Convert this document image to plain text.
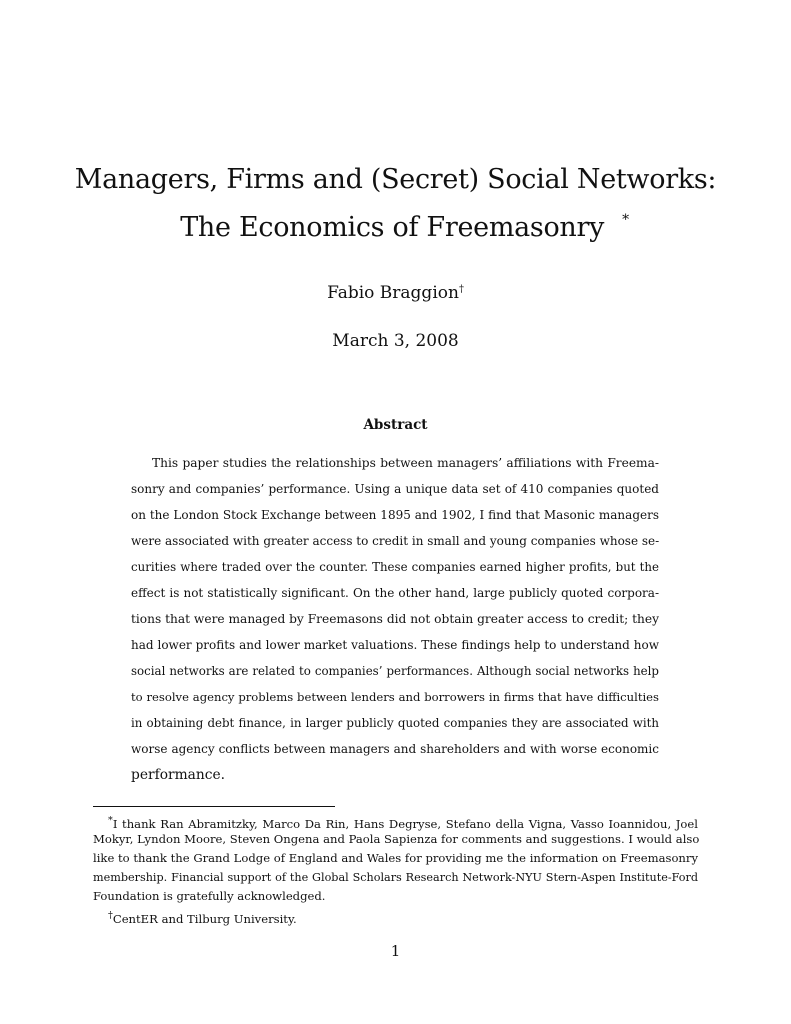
Managers, Firms and (Secret) Social Networks:
The Economics of Freemasonry *
Fabio Braggion†
March 3, 2008
Abstract
This paper studies the relationships between managers’ affiliations with Freema-
sonry and companies’ performance. Using a unique data set of 410 companies quoted
on the London Stock Exchange between 1895 and 1902, I find that Masonic managers
were associated with greater access to credit in small and young companies whose se-
curities where traded over the counter. These companies earned higher profits, but the
effect is not statistically significant. On the other hand, large publicly quoted corpora-
tions that were managed by Freemasons did not obtain greater access to credit; they
had lower profits and lower market valuations. These findings help to understand how
social networks are related to companies’ performances. Although social networks help
to resolve agency problems between lenders and borrowers in firms that have difficulties
in obtaining debt finance, in larger publicly quoted companies they are associated with
worse agency conflicts between managers and shareholders and with worse economic
performance.
*I thank Ran Abramitzky, Marco Da Rin, Hans Degryse, Stefano della Vigna, Vasso Ioannidou, Joel
Mokyr, Lyndon Moore, Steven Ongena and Paola Sapienza for comments and suggestions. I would also
like to thank the Grand Lodge of England and Wales for providing me the information on Freemasonry
membership. Financial support of the Global Scholars Research Network-NYU Stern-Aspen Institute-Ford
Foundation is gratefully acknowledged.
†CentER and Tilburg University.
1
